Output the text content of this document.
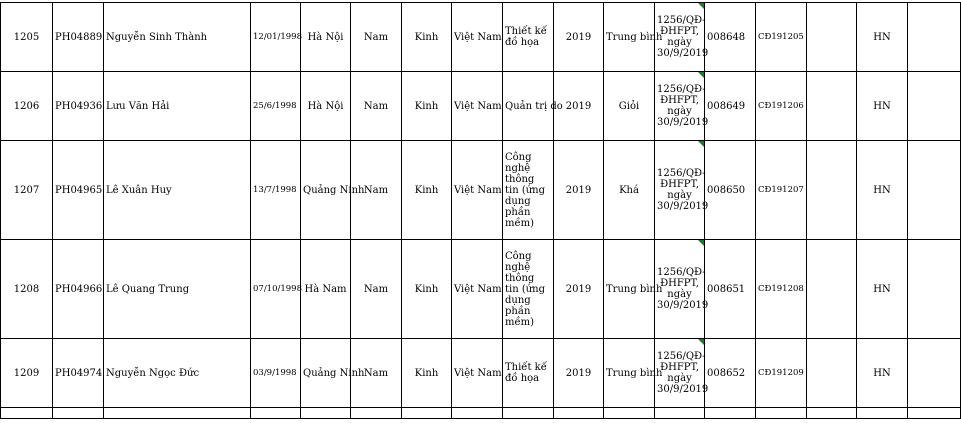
1205	PH04889	Nguyễn Sinh Thành	12/01/1998	Hà Nội	Nam	Kinh	Việt Nam	Thiết kế đồ họa	2019	Trung bình	1256/QĐ-ĐHFPT, ngày 30/9/2019	008648	CĐ191205		HN	
1206	PH04936	Lưu Văn Hải	25/6/1998	Hà Nội	Nam	Kinh	Việt Nam	Quản trị do	2019	Giỏi	1256/QĐ-ĐHFPT, ngày 30/9/2019	008649	CĐ191206		HN	
1207	PH04965	Lê Xuân Huy	13/7/1998	Quảng Ninh	Nam	Kinh	Việt Nam	Công nghệ thông tin (ứng dụng phần mềm)	2019	Khá	1256/QĐ-ĐHFPT, ngày 30/9/2019	008650	CĐ191207		HN	
1208	PH04966	Lê Quang Trung	07/10/1998	Hà Nam	Nam	Kinh	Việt Nam	Công nghệ thông tin (ứng dụng phần mềm)	2019	Trung bình	1256/QĐ-ĐHFPT, ngày 30/9/2019	008651	CĐ191208		HN	
1209	PH04974	Nguyễn Ngọc Đức	03/9/1998	Quảng Ninh	Nam	Kinh	Việt Nam	Thiết kế đồ họa	2019	Trung bình	1256/QĐ-ĐHFPT, ngày 30/9/2019	008652	CĐ191209		HN	
